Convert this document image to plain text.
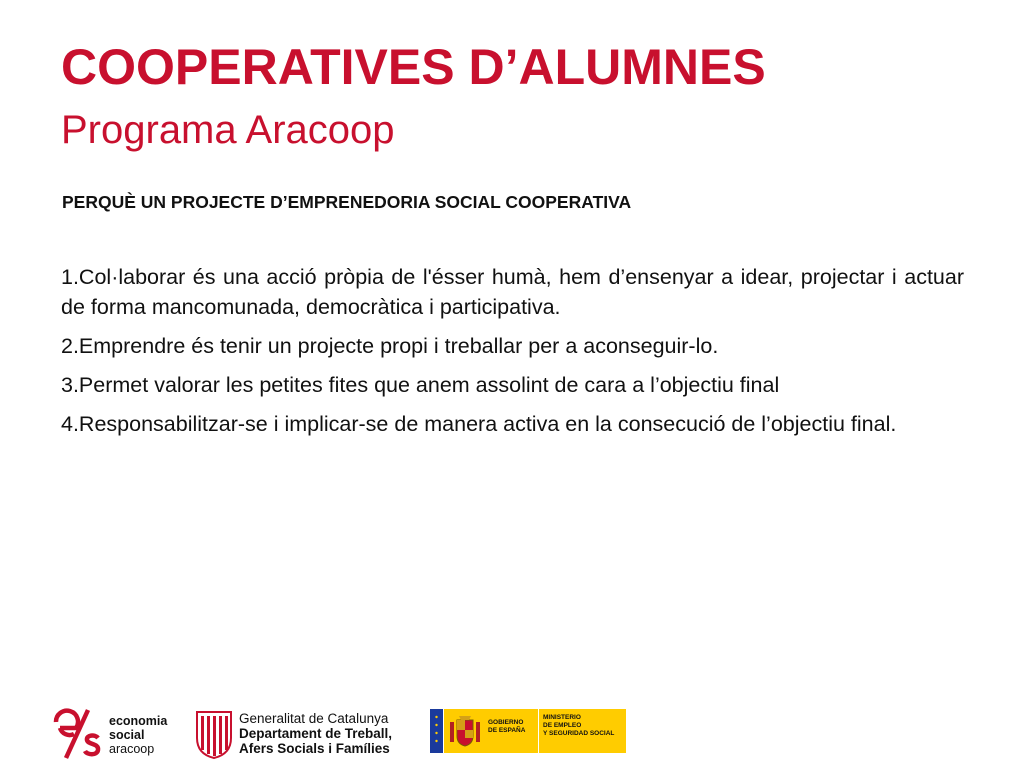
COOPERATIVES D’ALUMNES
Programa Aracoop

PERQUÈ UN PROJECTE D’EMPRENEDORIA SOCIAL COOPERATIVA

1.Col·laborar és una acció pròpia de l'ésser humà, hem d’ensenyar a idear, projectar i actuar de forma mancomunada, democràtica i participativa.

2.Emprendre és tenir un projecte propi i treballar per a aconseguir-lo.

3.Permet valorar les petites fites que anem assolint de cara a l’objectiu final

4.Responsabilitzar-se i implicar-se de manera activa en la consecució de l’objectiu final.

economia
social
aracoop
Generalitat de Catalunya
Departament de Treball,
Afers Socials i Famílies
GOBIERNO
DE ESPAÑA
MINISTERIO
DE EMPLEO
Y SEGURIDAD SOCIAL
